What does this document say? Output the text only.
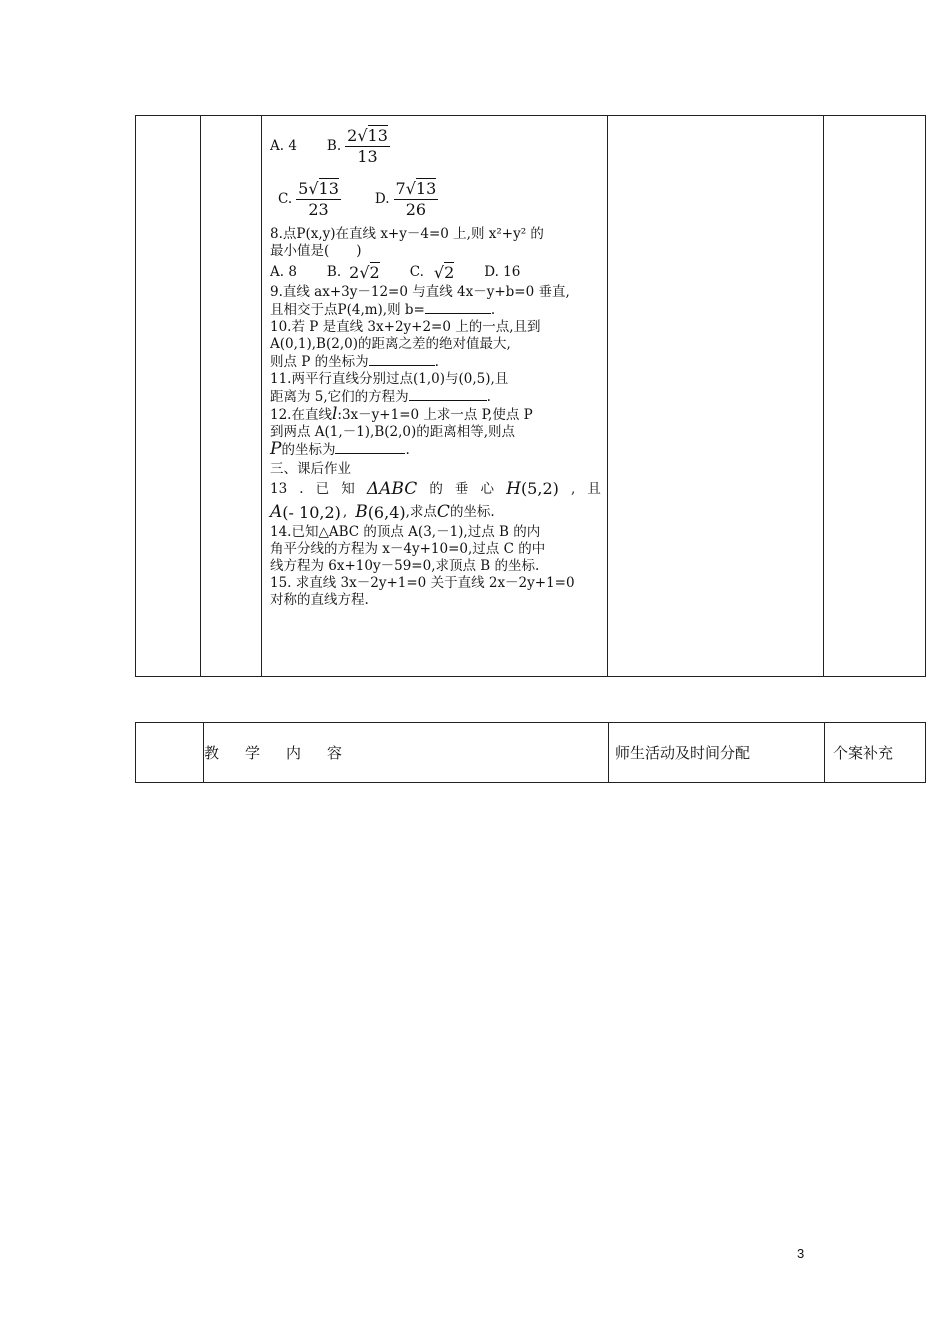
A. 4 B. $\frac{2√13}{13}$
C. $\frac{5√13}{23}$	D. $\frac{7√13}{26}$
8.点P(x,y)在直线 x+y－4=0 上,则 x²+y² 的
最小值是(　　)
A. 8 B. 2√2 C. √2 D. 16
9.直线 ax+3y－12=0 与直线 4x－y+b=0 垂直,
且相交于点P(4,m),则 b=	.
10.若 P 是直线 3x+2y+2=0 上的一点,且到
A(0,1),B(2,0)的距离之差的绝对值最大,
则点 P 的坐标为	.
11.两平行直线分别过点(1,0)与(0,5),且
距离为 5,它们的方程为	.
12.在直线l:3x－y+1=0 上求一点 P,使点 P
到两点 A(1,－1),B(2,0)的距离相等,则点
P的坐标为	.
三、课后作业
13 . 已 知 ΔABC 的 垂 心 H(5,2) , 且
A (- 10,2) , B (6,4) ,求点 C 的坐标.
14.已知△ABC 的顶点 A(3,－1),过点 B 的内
角平分线的方程为 x－4y+10=0,过点 C 的中
线方程为 6x+10y－59=0,求顶点 B 的坐标.
15. 求直线 3x－2y+1=0 关于直线 2x－2y+1=0
对称的直线方程.

	教 学 内 容	师生活动及时间分配	个案补充
3
